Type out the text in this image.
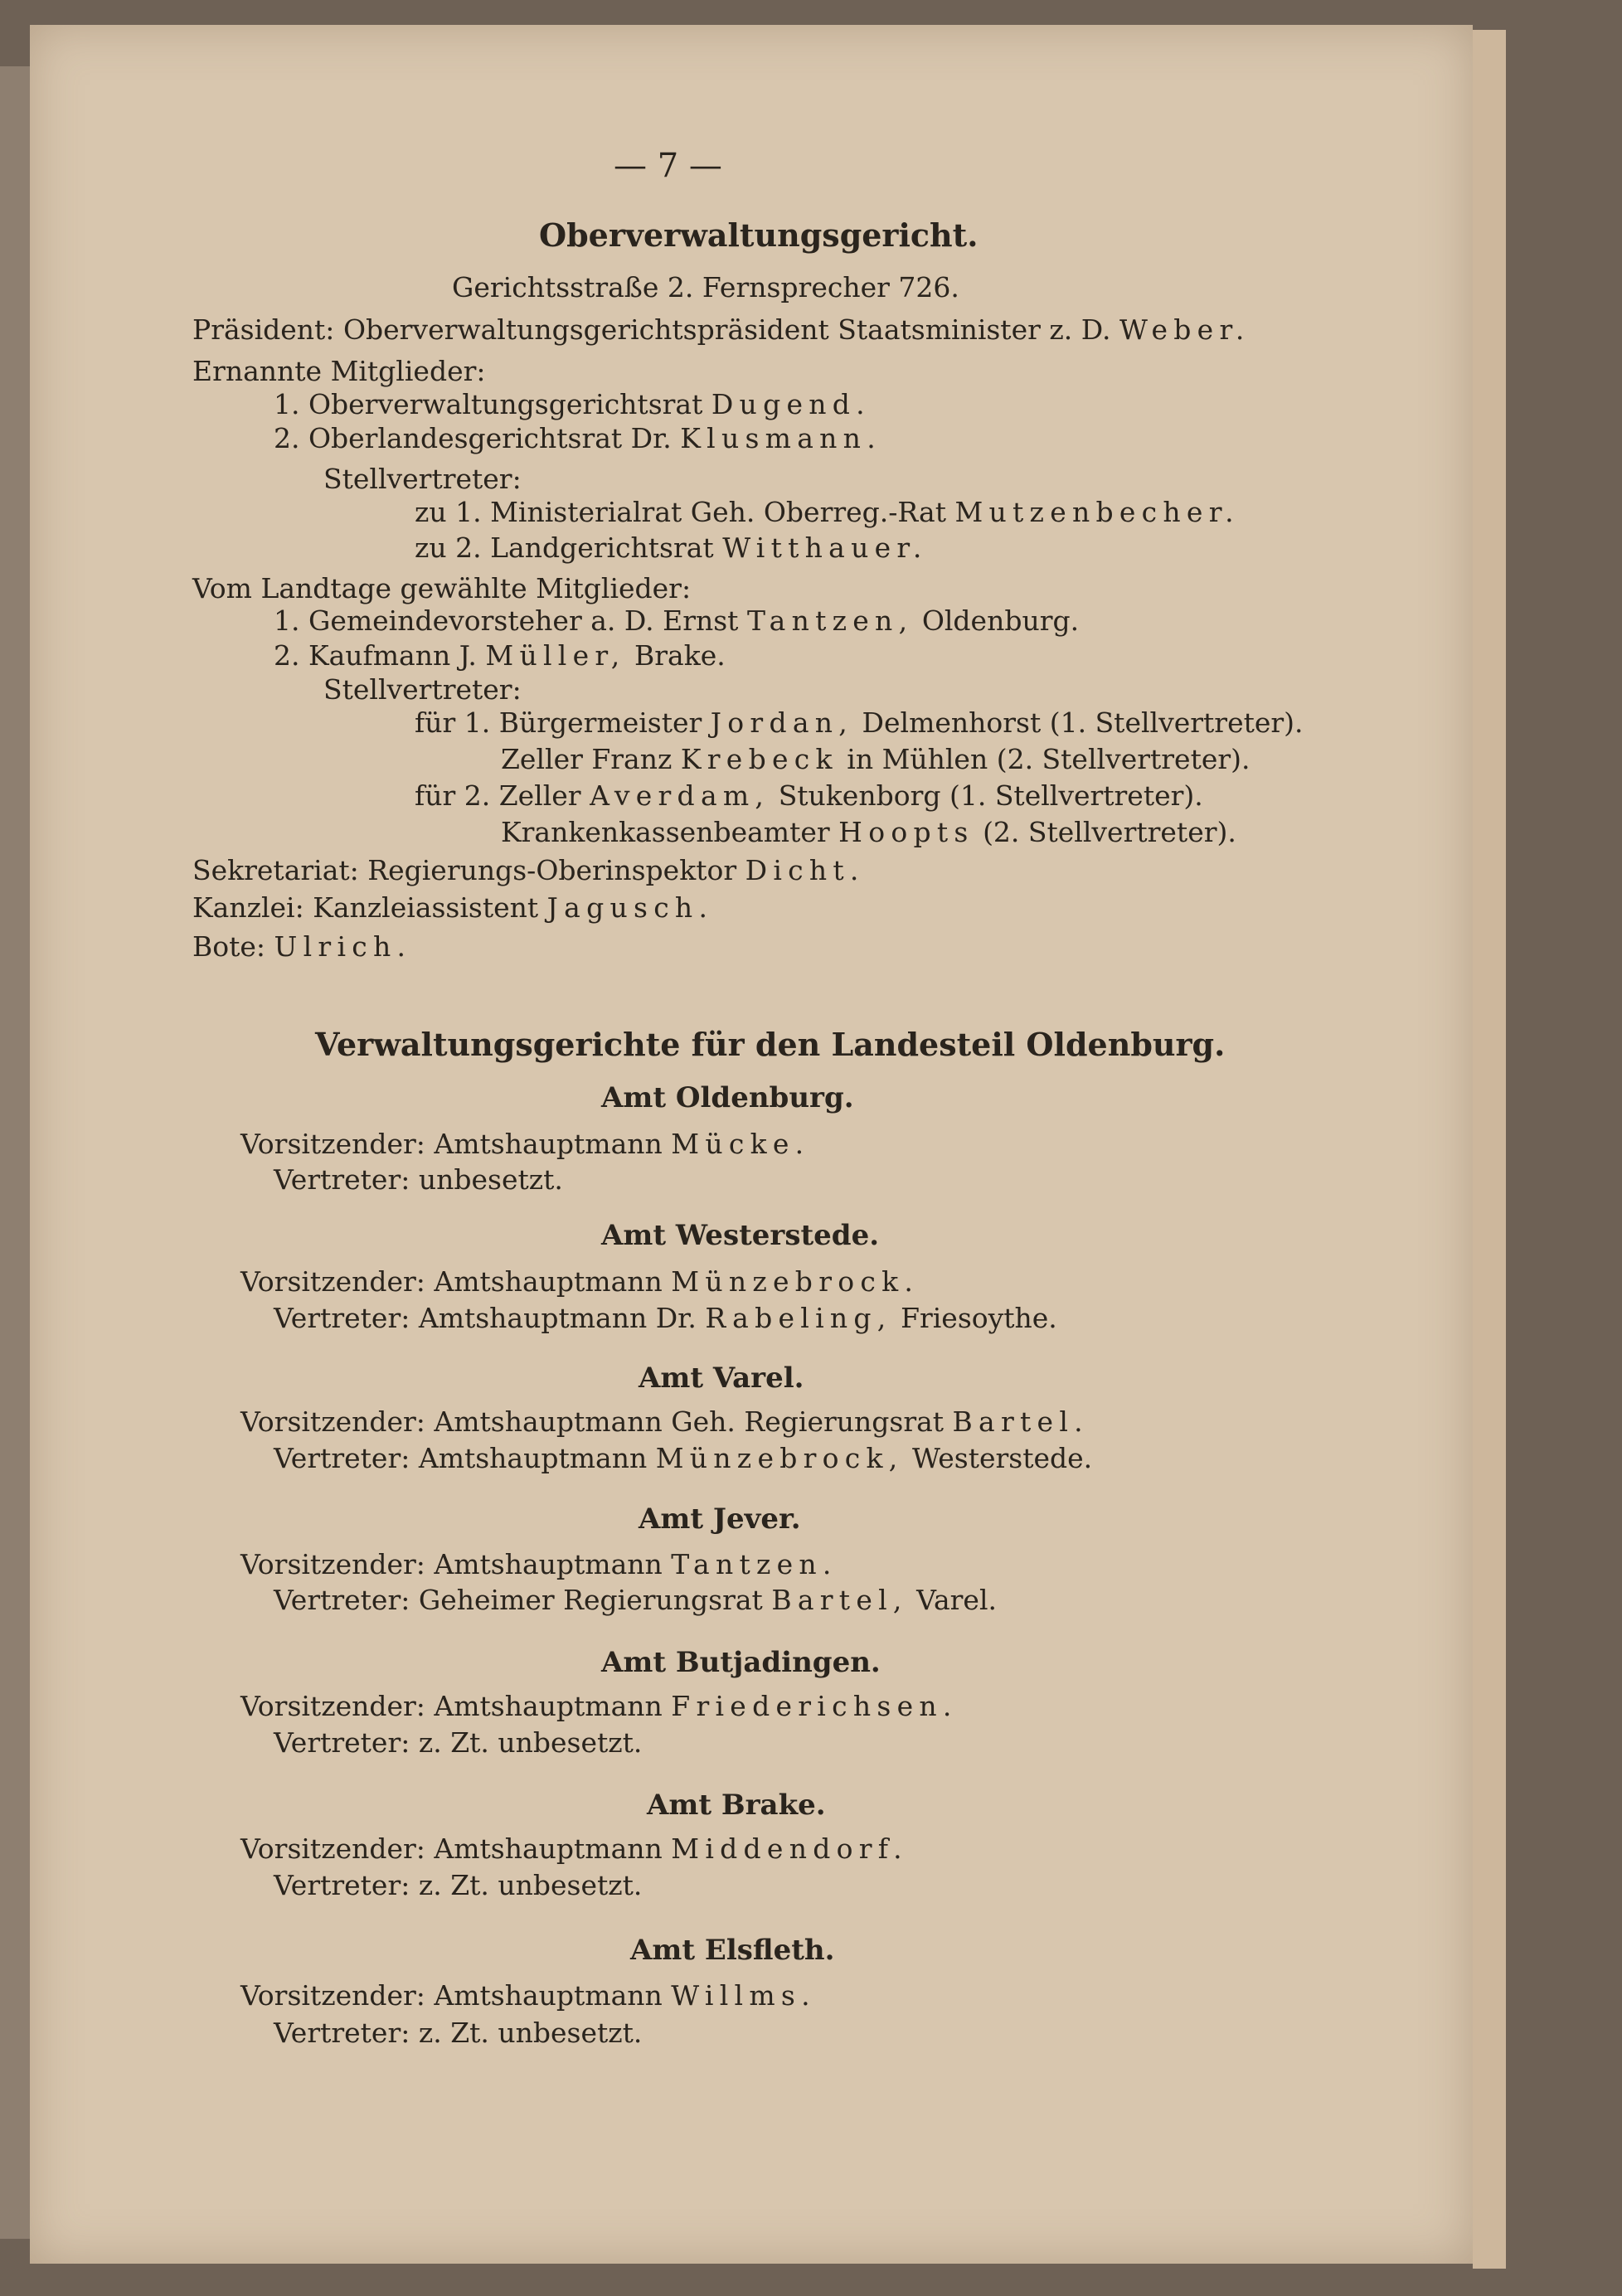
— 7 —
Oberverwaltungsgericht.
Gerichtsstraße 2. Fernsprecher 726.
Präsident: Oberverwaltungsgerichtspräsident Staatsminister z. D. Weber.
Ernannte Mitglieder:
1. Oberverwaltungsgerichtsrat Dugend.
2. Oberlandesgerichtsrat Dr. Klusmann.
Stellvertreter:
zu 1. Ministerialrat Geh. Oberreg.-Rat Mutzenbecher.
zu 2. Landgerichtsrat Witthauer.
Vom Landtage gewählte Mitglieder:
1. Gemeindevorsteher a. D. Ernst Tantzen, Oldenburg.
2. Kaufmann J. Müller, Brake.
Stellvertreter:
für 1. Bürgermeister Jordan, Delmenhorst (1. Stellvertreter).
Zeller Franz Krebeck in Mühlen (2. Stellvertreter).
für 2. Zeller Averdam, Stukenborg (1. Stellvertreter).
Krankenkassenbeamter Hoopts (2. Stellvertreter).
Sekretariat: Regierungs-Oberinspektor Dicht.
Kanzlei: Kanzleiassistent Jagusch.
Bote: Ulrich.
Verwaltungsgerichte für den Landesteil Oldenburg.
Amt Oldenburg.
Vorsitzender: Amtshauptmann Mücke.
Vertreter: unbesetzt.
Amt Westerstede.
Vorsitzender: Amtshauptmann Münzebrock.
Vertreter: Amtshauptmann Dr. Rabeling, Friesoythe.
Amt Varel.
Vorsitzender: Amtshauptmann Geh. Regierungsrat Bartel.
Vertreter: Amtshauptmann Münzebrock, Westerstede.
Amt Jever.
Vorsitzender: Amtshauptmann Tantzen.
Vertreter: Geheimer Regierungsrat Bartel, Varel.
Amt Butjadingen.
Vorsitzender: Amtshauptmann Friederichsen.
Vertreter: z. Zt. unbesetzt.
Amt Brake.
Vorsitzender: Amtshauptmann Middendorf.
Vertreter: z. Zt. unbesetzt.
Amt Elsfleth.
Vorsitzender: Amtshauptmann Willms.
Vertreter: z. Zt. unbesetzt.
